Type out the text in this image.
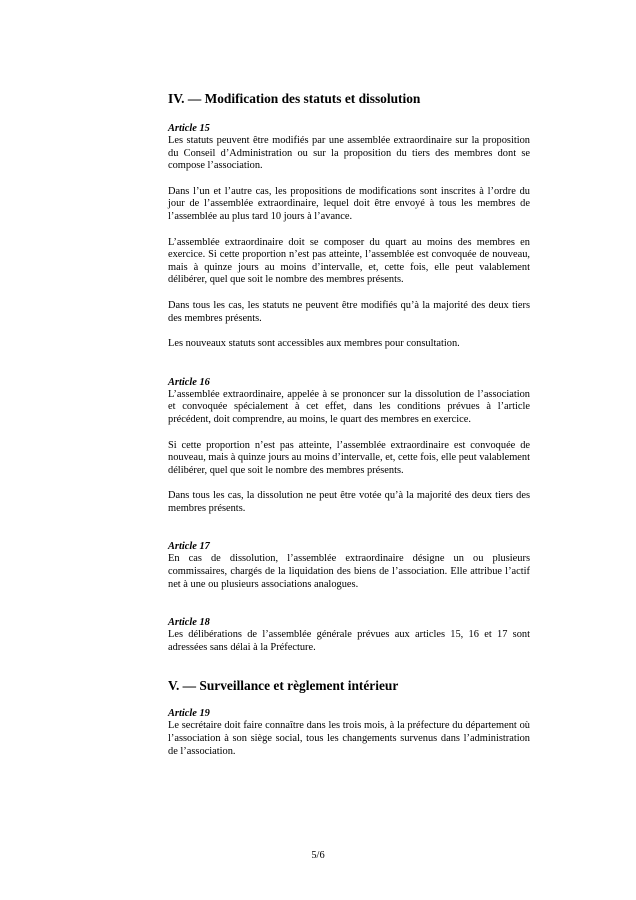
IV. — Modification des statuts et dissolution
Article 15

Les statuts peuvent être modifiés par une assemblée extraordinaire sur la proposition du Conseil d’Administration ou sur la proposition du tiers des membres dont se compose l’association.

Dans l’un et l’autre cas, les propositions de modifications sont inscrites à l’ordre du jour de l’assemblée extraordinaire, lequel doit être envoyé à tous les membres de l’assemblée au plus tard 10 jours à l’avance.

L’assemblée extraordinaire doit se composer du quart au moins des membres en exercice. Si cette proportion n’est pas atteinte, l’assemblée est convoquée de nouveau, mais à quinze jours au moins d’intervalle, et, cette fois, elle peut valablement délibérer, quel que soit le nombre des membres présents.

Dans tous les cas, les statuts ne peuvent être modifiés qu’à la majorité des deux tiers des membres présents.

Les nouveaux statuts sont accessibles aux membres pour consultation.

Article 16

L’assemblée extraordinaire, appelée à se prononcer sur la dissolution de l’association et convoquée spécialement à cet effet, dans les conditions prévues à l’article précédent, doit comprendre, au moins, le quart des membres en exercice.

Si cette proportion n’est pas atteinte, l’assemblée extraordinaire est convoquée de nouveau, mais à quinze jours au moins d’intervalle, et, cette fois, elle peut valablement délibérer, quel que soit le nombre des membres présents.

Dans tous les cas, la dissolution ne peut être votée qu’à la majorité des deux tiers des membres présents.

Article 17

En cas de dissolution, l’assemblée extraordinaire désigne un ou plusieurs commissaires, chargés de la liquidation des biens de l’association. Elle attribue l’actif net à une ou plusieurs associations analogues.

Article 18

Les délibérations de l’assemblée générale prévues aux articles 15, 16 et 17 sont adressées sans délai à la Préfecture.

V. — Surveillance et règlement intérieur
Article 19

Le secrétaire doit faire connaître dans les trois mois, à la préfecture du département où l’association à son siège social, tous les changements survenus dans l’administration de l’association.

5/6
